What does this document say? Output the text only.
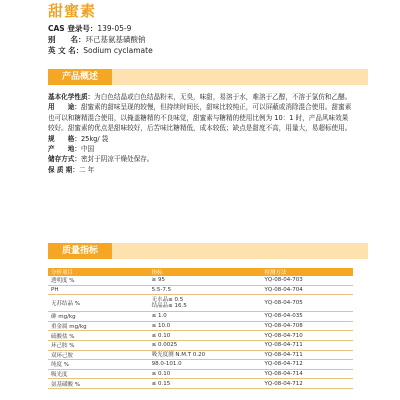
甜蜜素
CAS 登录号：139-05-9
别　　名：环己基氨基磺酸钠
英 文 名：Sodium cyclamate
产品概述

基本化学性质：为白色结晶或白色结晶粉末，无臭，味甜，易溶于水，难溶于乙醇，不溶于氯仿和乙醚。

用　　途：甜蜜素的甜味呈现的较慢，但持续时间长，甜味比较纯正，可以屏蔽或消除混合使用。甜蜜素也可以和糖精混合使用，以掩盖糖精的不良味觉，甜蜜素与糖精的使用比例为 10：1 时，产品风味效果较好。甜蜜素的优点是甜味较好，后苦味比糖精低，成本较低；缺点是甜度不高，用量大，易超标使用。

规　　格：25kg/ 袋

产　　地：中国

储存方式：密封于阴凉干燥处保存。

保 质 期：二 年

质量指标
分析项目	指标	检测方法
透明度 %	≥ 95	YQ-08-04-703
PH	5.5-7.5	YQ-08-04-704
无苏结晶 %	无水品≤ 0.5
结晶品≤ 16.5	YQ-08-04-705
砷 mg/kg	≤ 1.0	YQ-08-04-035
重金属 mg/kg	≤ 10.0	YQ-08-04-708
硫酸盐 %	≤ 0.10	YQ-08-04-710
环己胺 %	≤ 0.0025	YQ-08-04-711
双环己胺	吸光度测 N.M.T 0.20	YQ-08-04-711
纯度 %	98.0-101.0	YQ-08-04-712
吸光度	≤ 0.10	YQ-08-04-714
氨基磺酸 %	≤ 0.15	YQ-08-04-712
